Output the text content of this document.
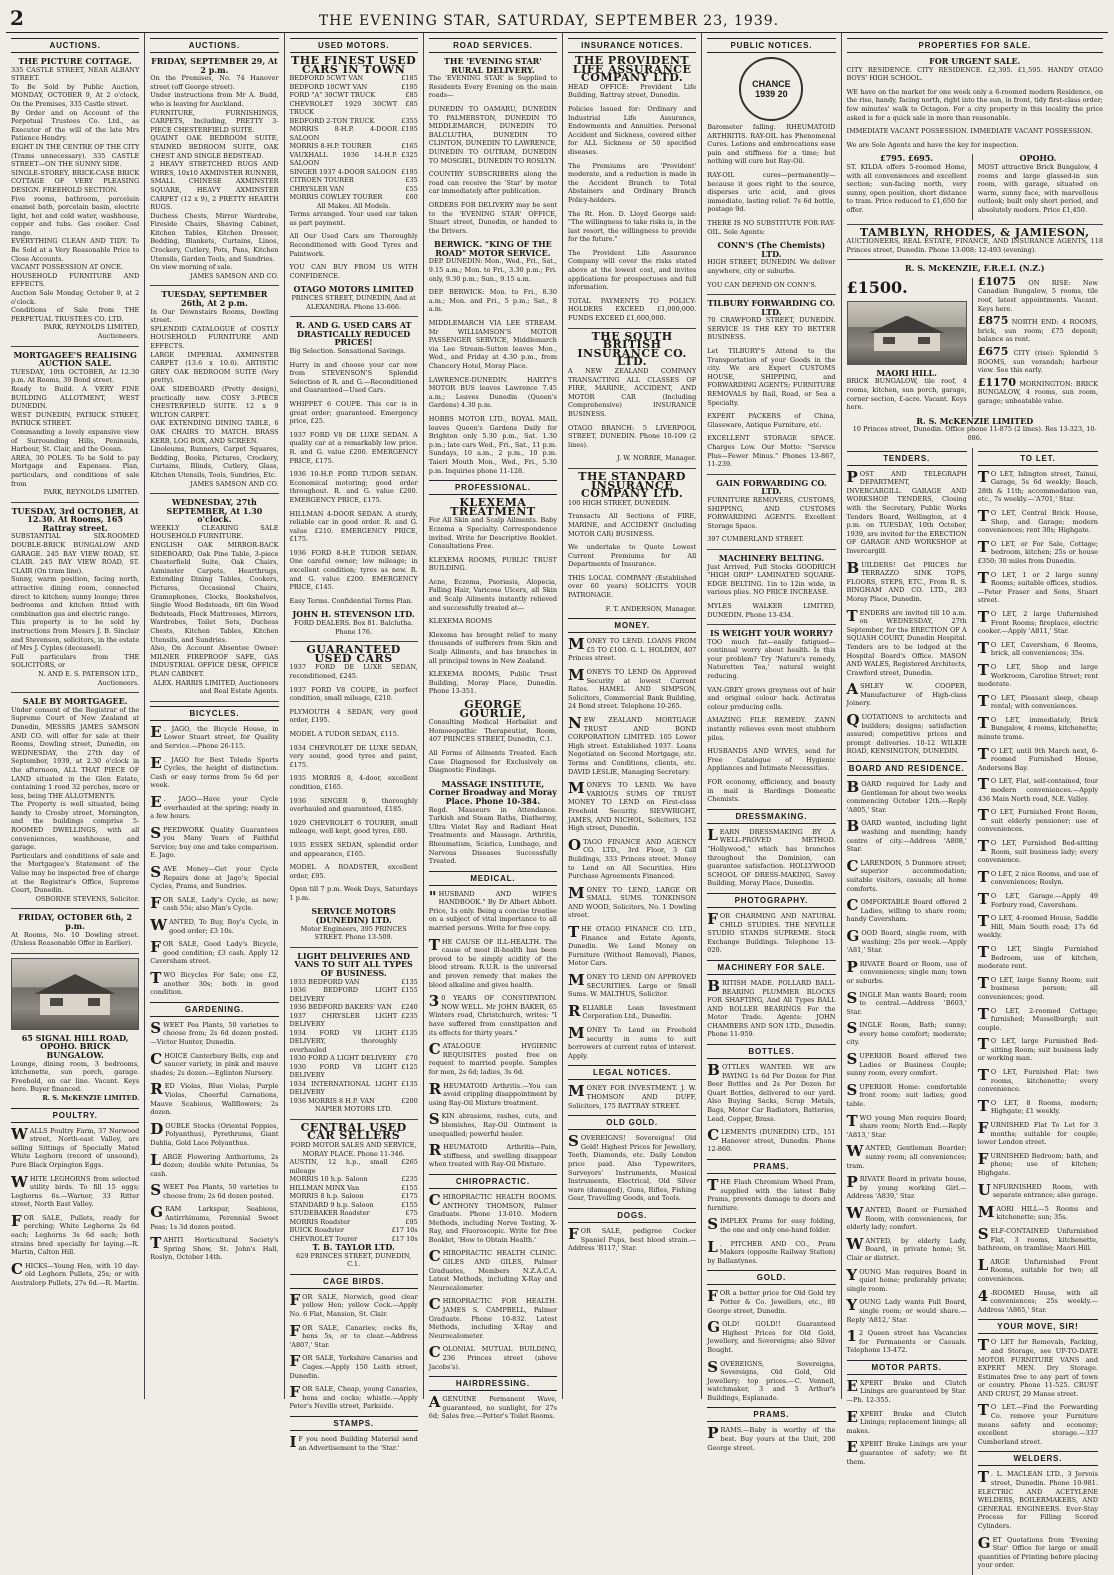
2	THE EVENING STAR, SATURDAY, SEPTEMBER 23, 1939.
AUCTIONS.
THE PICTURE COTTAGE.
335 CASTLE STREET, NEAR ALBANY STREET.
To Be Sold by Public Auction, MONDAY, OCTOBER 9, At 2 o'clock, On the Premises, 335 Castle street.
By Order and on Account of the Perpetual Trustees Co. Ltd., as Executor of the will of the late Mrs Patience Hendry.
EIGHT IN THE CENTRE OF THE CITY (Trams unnecessary). 335 CASTLE STREET—ON THE SUNNY SIDE.
SINGLE-STOREY, BRICK-CASE BRICK COTTAGE OF VERY PLEASING DESIGN. FREEHOLD SECTION.
Five rooms, bathroom, porcelain enamel bath, porcelain basin, electric light, hot and cold water, washhouse, copper and tubs. Gas cooker. Coal range.
EVERYTHING CLEAN AND TIDY. To Be Sold at a Very Reasonable Price to Close Accounts.
VACANT POSSESSION AT ONCE.
HOUSEHOLD FURNITURE AND EFFECTS.
Auction Sale Monday, October 9, at 2 o'clock.
Conditions of Sale from THE PERPETUAL TRUSTEES CO. LTD.
PARK, REYNOLDS LIMITED, Auctioneers.
MORTGAGEE'S REALISING AUCTION SALE.
TUESDAY, 10th OCTOBER, At 12.30 p.m. At Rooms, 39 Bond street.
Ready to Build. A VERY FINE BUILDING ALLOTMENT, WEST DUNEDIN.
WEST DUNEDIN, PATRICK STREET, PATRICK STREET.
Commanding a lovely expansive view of Surrounding Hills, Peninsula, Harbour, St. Clair, and the Ocean.
AREA, 30 POLES. To be Sold to pay Mortgage and Expenses. Plan, particulars, and conditions of sale from
PARK, REYNOLDS LIMITED.
TUESDAY, 3rd OCTOBER, At 12.30. At Rooms, 165 Rattray street.
SUBSTANTIAL SIX-ROOMED DOUBLE-BRICK BUNGALOW AND GARAGE. 245 BAY VIEW ROAD, ST. CLAIR. 245 BAY VIEW ROAD, ST. CLAIR (On tram line).
Sunny, warm position, facing north, attractive dining room, connected direct to kitchen; sunny lounge; three bedrooms and kitchen fitted with combination gas and electric range.
This property is to be sold by instructions from Messrs J. B. Sinclair and Stevenson, solicitors, in the estate of Mrs J. Cyples (deceased).
Full particulars from THE SOLICITORS, or
N. AND E. S. PATERSON LTD., Auctioneers.
SALE BY MORTGAGEE.
Under consent of the Registrar of the Supreme Court of New Zealand at Dunedin, MESSRS JAMES SAMSON AND CO. will offer for sale at their Rooms, Dowling street, Dunedin, on WEDNESDAY, the 27th day of September, 1939, at 2.30 o'clock in the afternoon, ALL THAT PIECE OF LAND situated in the Glen Estate, containing 1 rood 32 perches, more or less, being THE ALLOTMENTS.
The Property is well situated, being handy to Crosby street, Mornington, and the buildings comprise 5-ROOMED DWELLINGS, with all conveniences, washhouse, and garage.
Particulars and conditions of sale and the Mortgagee's Statement of the Value may be inspected free of charge at the Registrar's Office, Supreme Court, Dunedin.
OSBORNE STEVENS, Solicitor.
FRIDAY, OCTOBER 6th, 2 p.m.
At Rooms, No. 10 Dowling street. (Unless Reasonable Offer in Earlier).
65 SIGNAL HILL ROAD, OPOHO. BRICK BUNGALOW.
Lounge, dining room, 3 bedrooms, kitchenette, sun porch, garage. Freehold, on car line. Vacant. Keys here. Buyer financed.
R. S. McKENZIE LIMITED.
POULTRY.
WALLS Poultry Farm, 37 Norwood street, North-east Valley, are selling Sittings of Specially Mated White Leghorn (record of unsound), Pure Black Orpington Eggs.
WHITE LEGHORNS from selected utility birds. To fill 15 eggs; Leghorns 6s.—Warner, 33 Ritter street, North East Valley.
FOR SALE, Pullets, ready for perching; White Leghorns 2s 6d each; Leghorns 3s 6d each; both strains bred specially for laying.—R. Martin, Calton Hill.
CHICKS—Young Hen, with 10 day-old Leghorn Pullets, 25s; or with Australorp Pullets, 27s 6d.—R. Martin.
AUCTIONS.
FRIDAY, SEPTEMBER 29, At 2 p.m.
On the Premises, No. 74 Hanover street (off George street).
Under instructions from Mr A. Budd, who is leaving for Auckland.
FURNITURE, FURNISHINGS, CARPETS, Including, PRETTY 3-PIECE CHESTERFIELD SUITE.
QUAINT OAK BEDROOM SUITE, STAINED BEDROOM SUITE, OAK CHEST AND SINGLE BEDSTEAD.
2 HEAVY STRETCHED RUGS AND WIRES, 10x10 AXMINSTER RUNNER, SMALL CHINESE AXMINSTER SQUARE, HEAVY AXMINSTER CARPET (12 x 9), 2 PRETTY HEARTH RUGS.
Duchess Chests, Mirror Wardrobe, Fireside Chairs, Shaving Cabinet, Kitchen Tables, Kitchen Dresser, Bedding, Blankets, Curtains, Linos, Crockery, Cutlery, Pots, Pans, Kitchen Utensils, Garden Tools, and Sundries.
On view morning of sale.
JAMES SAMSON AND CO.
TUESDAY, SEPTEMBER 26th, At 2 p.m.
In Our Downstairs Rooms, Dowling street.
SPLENDID CATALOGUE of COSTLY HOUSEHOLD FURNITURE AND EFFECTS.
LARGE IMPERIAL AXMINSTER CARPET (13.6 x 10.6). ARTISTIC GREY OAK BEDROOM SUITE (Very pretty).
OAK SIDEBOARD (Pretty design), practically new. COSY 3-PIECE CHESTERFIELD SUITE. 12 x 9 WILTON CARPET.
OAK EXTENDING DINING TABLE, 6 OAK CHAIRS TO MATCH. BRASS KERB, LOG BOX, AND SCREEN.
Linoleums, Runners, Carpet Squares, Bedding, Books, Pictures, Crockery, Curtains, Blinds, Cutlery, Glass, Kitchen Utensils, Tools, Sundries, Etc.
JAMES SAMSON AND CO.
WEDNESDAY, 27th SEPTEMBER, At 1.30 o'clock.
WEEKLY CLEARING SALE HOUSEHOLD FURNITURE.
ENGLISH OAK MIRROR-BACK SIDEBOARD, Oak Pine Table, 3-piece Chesterfield Suite, Oak Chairs, Axminster Carpets, Hearthrugs, Extending Dining Tables, Cookers, Pictures, Occasional Chairs, Gramophones, Clocks, Bookshelves, Single Wood Bedsteads, 6ft 6in Wood Bedsteads, Flock Mattresses, Mirrors, Wardrobes, Toilet Sets, Duchess Chests, Kitchen Tables, Kitchen Utensils, and Sundries.
Also, On Account Absentee Owner: MILNER FIREPROOF SAFE, GAS INDUSTRIAL OFFICE DESK, OFFICE PLAN CABINET.
ALEX. HARRIS LIMITED, Auctioneers and Real Estate Agents.
BICYCLES.
E . JAGO, the Bicycle House, in Lower Stuart street, for Quality and Service.—Phone 26-115.
E . JAGO for Best Toledo Sports Cycles, the height of distinction. Cash or easy terms from 5s 6d per week.
E . JAGO—Have your Cycle overhauled at the spring; ready in a few hours.
SPEEDWORK Quality Guarantees you Many Years of Faithful Service; buy one and take comparison. E. Jago.
SAVE Money—Get your Cycle Repairs done at Jago's; Special Cycles, Prams, and Sundries.
FOR SALE, Lady's Cycle, as new; cash 55s; also Man's Cycle.
WANTED, To Buy, Boy's Cycle, in good order; £3 10s.
FOR SALE, Good Lady's Bicycle, good condition; £3 cash. Apply 12 Caversham street.
TWO Bicycles For Sale; one £2, another 30s; both in good condition.
GARDENING.
SWEET Pea Plants, 50 varieties to choose from; 2s 6d dozen posted.—Victor Hunter, Dunedin.
CHOICE Canterbury Bells, cup and saucer variety, in pink and mauve shades; 2s dozen.—Eglinton Nursery.
RED Violas, Blue Violas, Purple Violas, Cheerful Carnations, Mauve Scabious, Wallflowers; 2s dozen.
DOUBLE Stocks (Oriental Poppies, Polyanthus), Pyrethrums, Giant Dahlia, Gold Lace Polyanthus.
LARGE Flowering Anthuriums, 2s dozen; double white Petunias, 5s cash.
SWEET Pea Plants, 50 varieties to choose from; 2s 6d dozen posted.
GRAM Larkspur, Seabious, Antirrhinums, Perennial Sweet Peas; 1s 3d dozen posted.
TAHITI Horticultural Society's Spring Show, St. John's Hall, Roslyn, October 14th.
USED MOTORS.
THE FINEST USED CARS IN TOWN
BEDFORD 5CWT VAN	£185
BEDFORD 10CWT VAN	£195
FORD "A" 30CWT TRUCK	£85
CHEVROLET 1929 30CWT TRUCK	£85
BEDFORD 2-TON TRUCK	£355
MORRIS 8-H.P. 4-DOOR SALOON	£195
MORRIS 8-H.P. TOURER	£165
VAUXHALL 1936 14-H.P. SALOON	£325
SINGER 1937 4-DOOR SALOON	£195
CITROEN TOURER	£35
CHRYSLER VAN	£55
MORRIS COWLEY TOURER	£60
All Makes. All Models.
Terms arranged. Your used car taken as part payment.
All Our Used Cars are Thoroughly Reconditioned with Good Tyres and Paintwork.
YOU CAN BUY FROM US WITH CONFIDENCE.
OTAGO MOTORS LIMITED
PRINCES STREET, DUNEDIN, And at ALEXANDRA. Phone 13-666.
R. AND G. USED CARS AT DRASTICALLY REDUCED PRICES!
Big Selection. Sensational Savings.
Hurry in and choose your car now from STEVENSON'S Splendid Selection of R. and G.—Reconditioned and Guaranteed—Used Cars.
WHIPPET 6 COUPE. This car is in great order; guaranteed. Emergency price, £25.
1937 FORD V8 DE LUXE SEDAN. A quality car at a remarkably low price. R. and G. value £200. EMERGENCY PRICE, £175.
1936 10-H.P. FORD TUDOR SEDAN. Economical motoring; good order throughout. R. and G. value £200. EMERGENCY PRICE, £175.
HILLMAN 4-DOOR SEDAN. A sturdy, reliable car in good order. R. and G. value £210. EMERGENCY PRICE, £175.
1936 FORD 8-H.P. TUDOR SEDAN. One careful owner; low mileage; in excellent condition; tyres as new. R. and G. value £200. EMERGENCY PRICE, £145.
Easy Terms. Confidential Terms Plan.
JOHN H. STEVENSON LTD.
FORD DEALERS. Box 81. Balclutha. Phone 176.
GUARANTEED USED CARS
1937 FORD DE LUXE SEDAN, reconditioned, £245.
1937 FORD V8 COUPE, in perfect condition, small mileage, £210.
PLYMOUTH 4 SEDAN, very good order, £195.
MODEL A TUDOR SEDAN, £115.
1934 CHEVROLET DE LUXE SEDAN, very sound, good tyres and paint, £175.
1935 MORRIS 8, 4-door, excellent condition, £165.
1936 SINGER 9, thoroughly overhauled and guaranteed, £185.
1929 CHEVROLET 6 TOURER, small mileage, well kept, good tyres, £80.
1935 ESSEX SEDAN, splendid order and appearance, £165.
MODEL A ROADSTER, excellent order, £95.
Open till 7 p.m. Week Days, Saturdays 1 p.m.
SERVICE MOTORS (DUNEDIN) LTD.
Motor Engineers, 395 PRINCES STREET. Phone 13-509.
LIGHT DELIVERIES AND VANS TO SUIT ALL TYPES OF BUSINESS.
1933 BEDFORD VAN	£135
1936 BEDFORD LIGHT DELIVERY	£155
1936 BEDFORD BAKERS' VAN	£240
1937 CHRYSLER LIGHT DELIVERY	£235
1934 FORD V8 LIGHT DELIVERY, thoroughly overhauled	£135
1930 FORD A LIGHT DELIVERY	£70
1930 FORD V8 LIGHT DELIVERY	£125
1934 INTERNATIONAL LIGHT DELIVERY	£135
1936 MORRIS 8 H.P. VAN	£200
NAPIER MOTORS LTD.
CENTRAL USED CAR SELLERS
FORD MOTOR SALES AND SERVICE, MORAY PLACE. Phone 11-346.
AUSTIN, 12 h.p., small mileage	£265
MORRIS 10 h.p. Saloon	£235
HILLMAN MINX Van	£155
MORRIS 8 h.p. Saloon	£175
STANDARD 9 h.p. Saloon	£155
STUDEBAKER Roadster	£75
MORRIS Roadster	£95
BUICK Roadster	£17 10s
CHEVROLET Tourer	£17 10s
T. B. TAYLOR LTD.
629 PRINCES STREET, DUNEDIN, C.1.
CAGE BIRDS.
FOR SALE, Norwich, good clear yellow Hen; yellow Cock.—Apply No. 6 Flat, Mansion, St. Clair.
FOR SALE, Canaries; cocks 8s, hens 5s, or to clear.—Address 'A807,' Star.
FOR SALE, Yorkshire Canaries and Cages.—Apply 150 Leith street, Dunedin.
FOR SALE, Cheap, young Canaries, hens and cocks; whistle.—Apply Peter's Neville street, Parkside.
STAMPS.
I F you need Building Material send an Advertisement to the 'Star.'
ROAD SERVICES.
THE 'EVENING STAR' RURAL DELIVERY.
The 'EVENING STAR' is Supplied to Residents Every Evening on the main roads—
DUNEDIN TO OAMARU, DUNEDIN TO PALMERSTON, DUNEDIN TO MIDDLEMARCH, DUNEDIN TO BALCLUTHA, DUNEDIN TO CLINTON, DUNEDIN TO LAWRENCE, DUNEDIN TO OUTRAM, DUNEDIN TO MOSGIEL, DUNEDIN TO ROSLYN.
COUNTRY SUBSCRIBERS along the road can receive the 'Star' by motor car immediately after publication.
ORDERS FOR DELIVERY may be sent to the 'EVENING STAR' OFFICE, Stuart street, Dunedin, or handed to the Drivers.
BERWICK. "KING OF THE ROAD" MOTOR SERVICE.
DEP. DUNEDIN: Mon., Wed., Fri., Sat., 9.15 a.m.; Mon. to Fri., 3.30 p.m.; Fri. only, 9.30 p.m.; Sun., 9.15 a.m.
DEP. BERWICK: Mon. to Fri., 8.30 a.m.; Mon. and Fri., 5 p.m.; Sat., 8 a.m.
MIDDLEMARCH VIA LEE STREAM. Mr WILLIAMSON'S MOTOR PASSENGER SERVICE, Middlemarch via Lee Stream-Sutton leaves Mon., Wed., and Friday at 4.30 p.m., from Chancery Hotel, Moray Place.
LAWRENCE-DUNEDIN. HARTY'S MOTOR BUS leaves Lawrence 7.45 a.m.; Leaves Dunedin (Queen's Gardens) 4.30 p.m.
HOBBS MOTOR LTD., ROYAL MAIL leaves Queen's Gardens Daily for Brighton only 5.30 p.m., Sat. 1.30 p.m.; late cars Wed., Fri., Sat., 11 p.m. Sundays, 10 a.m., 2 p.m., 10 p.m. Taieri Mouth Mon., Wed., Fri., 5.30 p.m. Inquiries phone 11-128.
PROFESSIONAL.
KLEXEMA TREATMENT
For All Skin and Scalp Ailments. Baby Eczema a Specialty. Correspondence invited. Write for Descriptive Booklet. Consultations Free.
KLEXEMA ROOMS, PUBLIC TRUST BUILDING.
Acne, Eczema, Psoriasis, Alopecia, Falling Hair, Varicose Ulcers, all Skin and Scalp Ailments instantly relieved and successfully treated at—
KLEXEMA ROOMS
Klexema has brought relief to many thousands of sufferers from Skin and Scalp Ailments, and has branches in all principal towns in New Zealand.
KLEXEMA ROOMS, Public Trust Building, Moray Place, Dunedin. Phone 13-351.
GEORGE GOURLIE,
Consulting Medical Herbalist and Homoeopathic Therapeutist, Room, 407 PRINCES STREET, Dunedin, C.1.
All Forms of Ailments Treated. Each Case Diagnosed for Exclusively on Diagnostic Findings.
MASSAGE INSTITUTE, Corner Broadway and Moray Place. Phone 10-384.
Regd. Masseurs in Attendance. Turkish and Steam Baths, Diathermy, Ultra Violet Ray and Radiant Heat Treatments and Massage. Arthritis, Rheumatism, Sciatica, Lumbago, and Nervous Diseases Successfully Treated.
MEDICAL.
" HUSBAND AND WIFE'S HANDBOOK." By Dr Albert Abbott. Price, 1s only. Being a concise treatise on a subject of vital importance to all married persons. Write for free copy.
THE CAUSE OF ILL-HEALTH. The cause of most ill-health has been proved to be simply acidity of the blood stream. R.U.R. is the universal and proven remedy that makes the blood alkaline and gives health.
3 0 YEARS OF CONSTIPATION. NOW WELL. Mr JOHN BAKER, 65 Winters road, Christchurch, writes: "I have suffered from constipation and its effects for thirty years."
CATALOGUE HYGIENIC REQUISITES posted free on request to married people. Samples for men, 2s 6d; ladies, 3s 6d.
RHEUMATOID Arthritis.—You can avoid crippling disappointment by using Ray-Oil Mixture treatment.
SKIN abrasions, rashes, cuts, and blemishes, Ray-Oil Ointment is unequalled; powerful healer.
RHEUMATOID Arthritis—Pain, stiffness, and swelling disappear when treated with Ray-Oil Mixture.
CHIROPRACTIC.
CHIROPRACTIC HEALTH ROOMS. ANTHONY THOMSON, Palmer Graduate. Phone 13-010. Modern Methods, including Nerve Testing, X-Ray, and Fluoroscopic. Write for free Booklet, 'How to Obtain Health.'
CHIROPRACTIC HEALTH CLINIC. GILES AND GILES, Palmer Graduates, Members N.Z.A.C.A. Latest Methods, including X-Ray and Neurocalometer.
CHIROPRACTIC FOR HEALTH. JAMES S. CAMPBELL, Palmer Graduate. Phone 10-832. Latest Methods, including X-Ray and Neurocalometer.
COLONIAL MUTUAL BUILDING, 236 Princes street (above Jacobs's).
HAIRDRESSING.
A GENUINE Permanent Wave, guaranteed, no sunlight, for 27s 6d; Sales free.—Potter's Toilet Rooms.
INSURANCE NOTICES.
THE PROVIDENT LIFE ASSURANCE COMPANY LTD.
HEAD OFFICE: Provident Life Building, Rattray street, Dunedin.
Policies Issued for: Ordinary and Industrial Life Assurance, Endowments and Annuities. Personal Accident and Sickness, covered either for ALL Sickness or 50 specified diseases.
The Premiums are 'Provident' moderate, and a reduction is made in the Accident Branch to Total Abstainers and Ordinary Branch Policy-holders.
The Rt. Hon. D. Lloyd George said: "The willingness to take risks is, in the last resort, the willingness to provide for the future."
The Provident Life Assurance Company will cover the risks stated above at the lowest cost, and invites applications for prospectuses and full information.
TOTAL PAYMENTS TO POLICY-HOLDERS EXCEED £1,000,000. FUNDS EXCEED £1,600,000.
THE SOUTH BRITISH INSURANCE CO. LTD.
A NEW ZEALAND COMPANY TRANSACTING ALL CLASSES OF FIRE, MARINE, ACCIDENT, AND MOTOR CAR (Including Comprehensive) INSURANCE BUSINESS.
OTAGO BRANCH: 5 LIVERPOOL STREET, DUNEDIN. Phone 10-109 (2 lines).
J. W. NORRIE, Manager.
THE STANDARD INSURANCE COMPANY LTD.
100 HIGH STREET, DUNEDIN.
Transacts All Sections of FIRE, MARINE, and ACCIDENT (including MOTOR CAR) BUSINESS.
We undertake to Quote Lowest Current Premiums for All Departments of Insurance.
THIS LOCAL COMPANY (Established over 60 years) SOLICITS YOUR PATRONAGE.
F. T. ANDERSON, Manager.
MONEY.
MONEY TO LEND. LOANS FROM £5 TO £100. G. L. HOLDEN, 407 Princes street.
MONEYS TO LEND On Approved Security at lowest Current Rates. HAMEL AND SIMPSON, Solicitors, Commercial Bank Building, 24 Bond street. Telephone 10-265.
NEW ZEALAND MORTGAGE TRUST AND BOND CORPORATION LIMITED. 105 Lower High street. Established 1937. Loans Negotiated on Second Mortgage, etc. Terms and Conditions, clients, etc. DAVID LESLIE, Managing Secretary.
MONEYS TO LEND. We have VARIOUS SUMS OF TRUST MONEY TO LEND on First-class Freehold Security. SIEVWRIGHT, JAMES, AND NICHOL, Solicitors, 152 High street, Dunedin.
OTAGO FINANCE AND AGENCY CO. LTD., 3rd Floor, 3 Gill Buildings, 333 Princes street. Money to Lend on All Securities. Hire Purchase Agreements Financed.
MONEY TO LEND, LARGE OR SMALL SUMS. TONKINSON AND WOOD, Solicitors, No. 1 Dowling street.
THE OTAGO FINANCE CO. LTD., Finance and Estate Agents, Dunedin. We Lend Money on Furniture (Without Removal), Pianos, Motor Cars.
MONEY TO LEND ON APPROVED SECURITIES. Large or Small Sums. W. MALTHUS, Solicitor.
RELIABLE Loan Investment Corporation Ltd., Dunedin.
MONEY To Lend on Freehold security in sums to suit borrowers at current rates of interest. Apply.
LEGAL NOTICES.
MONEY FOR INVESTMENT. J. W. THOMSON AND DUFF, Solicitors, 175 RATTRAY STREET.
OLD GOLD.
SOVEREIGNS! Sovereigns! Old Gold! Highest Prices for Jewellery, Teeth, Diamonds, etc. Daily London price paid. Also Typewriters, Surveyors' Instruments, Musical Instruments, Electrical, Old Silver ware (damaged), Guns, Rifles, Fishing Gear, Travelling Goods, and Tools.
DOGS.
FOR SALE, pedigree Cocker Spaniel Pups, best blood strain.—Address 'B117,' Star.
PUBLIC NOTICES.
CHANCE 1939 20
Barometer falling. RHEUMATOID ARTHRITIS. RAY-OIL has Phenomenal Cures. Lotions and embrocations ease pain and stiffness for a time; but nothing will cure but Ray-Oil.
RAY-OIL cures—permanently—because it goes right to the source, disperses uric acid, and gives immediate, lasting relief. 7s 6d bottle, postage 9d.
THERE IS NO SUBSTITUTE FOR RAY-OIL. Sole Agents:
CONN'S (The Chemists) LTD.
HIGH STREET, DUNEDIN. We deliver anywhere, city or suburbs.
YOU CAN DEPEND ON CONN'S.
TILBURY FORWARDING CO. LTD.
70 CRAWFORD STREET, DUNEDIN. SERVICE IS THE KEY TO BETTER BUSINESS.
Let TILBURY'S Attend to the Transportation of your Goods in the city. We are Expert CUSTOMS HOUSE, SHIPPING, and FORWARDING AGENTS; FURNITURE REMOVALS by Rail, Road, or Sea a Specialty.
EXPERT PACKERS of China, Glassware, Antique Furniture, etc.
EXCELLENT STORAGE SPACE. Charges Low. Our Motto: "Service Plus—Fewer Minus." Phones 13-867, 11-239.
GAIN FORWARDING CO. LTD.
FURNITURE REMOVERS, CUSTOMS, SHIPPING, AND CUSTOMS FORWARDING AGENTS. Excellent Storage Space.
397 CUMBERLAND STREET.
MACHINERY BELTING.
Just Arrived, Full Stocks GOODRICH "HIGH GRIP" LAMINATED SQUARE-EDGE BELTING. 1in to 12in wide, in various plies. NO PRICE INCREASE.
MYLES WALKER LIMITED, DUNEDIN. Phone 13-434.
IS WEIGHT YOUR WORRY?
TOO much fat—easily fatigued—continual worry about health. Is this your problem? Try 'Nature's remedy, Naturetten Tea,' natural weight reducing.
VAN-GREY grows greyness out of hair and original colour back. Activates colour producing cells.
AMAZING FILE REMEDY. ZANN instantly relieves even most stubborn piles.
HUSBANDS AND WIVES, send for Free Catalogue of Hygienic Appliances and Intimate Necessities.
FOR economy, efficiency, and beauty in mail is Hardings Domestic Chemists.
DRESSMAKING.
LEARN DRESSMAKING BY A WELL-PROVED METHOD. "Hollywood," which has branches throughout the Dominion, can guarantee satisfaction. HOLLYWOOD SCHOOL OF DRESS-MAKING, Savoy Building, Moray Place, Dunedin.
PHOTOGRAPHY.
FOR CHARMING AND NATURAL CHILD STUDIES. THE NEVILLE STUDIO STANDS SUPREME. Stock Exchange Buildings. Telephone 13-020.
MACHINERY FOR SALE.
BRITISH MADE. POLLARD BALL-BEARING PLUMMER BLOCKS FOR SHAFTING, And All Types BALL AND ROLLER BEARINGS For the Motor Trade. Agents: JOHN CHAMBERS AND SON LTD., Dunedin. Phone 11-959.
BOTTLES.
BOTTLES WANTED. WE are PAYING 1s 6d Per Dozen for Pint Beer Bottles and 2s Per Dozen for Quart Bottles, delivered to our yard. Also Buying Sacks, Scrap Metals, Bags, Motor Car Radiators, Batteries, Lead, Copper, Brass.
CLEMENTS (DUNEDIN) LTD., 151 Hanover street, Dunedin. Phone 12-860.
PRAMS.
THE Flash Chromium Wheel Pram, supplied with the latest Baby Prams, prevents damage to doors and furniture.
SIMPLEX Prams for easy folding, the one and only one-hand folder.
L . PITCHER AND CO., Pram Makers (opposite Railway Station) by Ballantynes.
GOLD.
FOR a better price for Old Gold try Potter & Co. Jewellers, etc., 80 George street, Dunedin.
GOLD! GOLD!! Guaranteed Highest Prices for Old Gold, Jewellery, and Sovereigns; also Silver Bought.
SOVEREIGNS, Sovereigns, Sovereigns, Old Gold, Old Jewellery; top prices.—C. Vennell, watchmaker, 3 and 5 Arthur's Buildings, Esplanade.
PRAMS.
PRAMS.—Baby is worthy of the best. Buy yours at the Unit, 200 George street.
PROPERTIES FOR SALE.
FOR URGENT SALE.
CITY RESIDENCE. CITY RESIDENCE. £2,395. £1,595. HANDY OTAGO BOYS' HIGH SCHOOL.
WE have on the market for one week only a 6-roomed modern Residence, on the rise, handy, facing north, right into the sun, in front, tidy first-class order; few minutes' walk to Octagon. For a city property in this locality the price asked is for a quick sale in more than reasonable.
IMMEDIATE VACANT POSSESSION. IMMEDIATE VACANT POSSESSION.
We are Sole Agents and have the key for inspection.
£795. £695.
ST. KILDA offers 5-roomed Home, with all conveniences and excellent section; sun-facing north, very sunny, open position, short distance to tram. Price reduced to £1,650 for offer.
OPOHO.
MOST attractive Brick Bungalow, 4 rooms and large glassed-in sun room, with garage, situated on warm, sunny face, with marvellous outlook; built only short period, and absolutely modern. Price £1,450.
TAMBLYN, RHODES, & JAMIESON,
AUCTIONEERS, REAL ESTATE, FINANCE, AND INSURANCE AGENTS, 118 Princes street, Dunedin. Phone 13-008; 12-493 (evening).
R. S. McKENZIE, F.R.E.I. (N.Z.)
£1500.
MAORI HILL.
BRICK BUNGALOW, tile roof, 4 rooms, kitchen, sun porch, garage, corner section, £-acre. Vacant. Keys here.
£1075 ON RISE: New Canadian Bungalow, 5 rooms, tile roof, latest appointments. Vacant. Keys here.
£875 NORTH END: 4 ROOMS, brick, sun room; £75 deposit; balance as rent.
£675 CITY (rise): Splendid 5 ROOMS, sun verandah; harbour view. See this early.
£1170 MORNINGTON: BRICK BUNGALOW, 4 rooms, sun room, garage; unbeatable value.
R. S. McKENZIE LIMITED
10 Princes street, Dunedin. Office phone 11-875 (2 lines). Res 13-323, 10-086.
TENDERS.
POST AND TELEGRAPH DEPARTMENT, INVERCARGILL. GARAGE AND WORKSHOP. TENDERS, Closing with the Secretary, Public Works Tenders Board, Wellington, at 4 p.m. on TUESDAY, 10th October, 1939, are invited for the ERECTION OF GARAGE AND WORKSHOP at Invercargill.
BUILDERS! Get PRICES for TERRAZZO SINK TOPS, FLOORS, STEPS, ETC., From R. S. BINGHAM AND CO. LTD., 283 Moray Place, Dunedin.
TENDERS are invited till 10 a.m. on WEDNESDAY, 27th September, for the ERECTION OF A SQUASH COURT, Dunedin Hospital. Tenders are to be lodged at the Hospital Board's Office. MASON AND WALES, Registered Architects, Crawford street, Dunedin.
ASHLEY W. COOPER, Manufacturer of High-class Joinery.
QUOTATIONS to architects and builders; designs; satisfaction assured; competitive prices and prompt deliveries. 10-12 WILKIE ROAD, KENSINGTON, DUNEDIN.
BOARD AND RESIDENCE.
BOARD required for Lady and Gentleman for about two weeks commencing October 12th.—Reply 'A805,' Star.
BOARD wanted, including light washing and mending; handy centre of city.—Address 'A808,' Star.
CLARENDON, 5 Dunmore street; superior accommodation; suitable visitors, casuals; all home comforts.
COMFORTABLE Board offered 2 Ladies, willing to share room; handy Caversham.
GOOD Board, single room, with washing; 25s per week.—Apply 'A81,' Star.
PRIVATE Board or Room, use of conveniences; single man; town or suburbs.
SINGLE Man wants Board; room to central.—Address 'B603,' Star.
SINGLE Room, Bath; sunny; every home comfort; moderate; city.
SUPERIOR Board offered two Ladies or Business Couple; sunny room, every comfort.
SUPERIOR Home: comfortable front room; suit ladies; good table.
TWO young Men require Board; share room; North End.—Reply 'A813,' Star.
WANTED, Gentleman Boarder; sunny room; all conveniences; tram.
PRIVATE Board in private house, by young working Girl.—Address 'A839,' Star.
WANTED, Board or Furnished Room, with conveniences, for elderly lady; comfort.
WANTED, by elderly Lady, Board, in private home; St. Clair or district.
YOUNG Man requires Board in quiet home; preferably private; single room.
YOUNG Lady wants Full Board, single room; or would share.—Reply 'A812,' Star.
1 2 Queen street has Vacancies for Permanents or Casuals. Telephone 13-472.
MOTOR PARTS.
EXPERT Brake and Clutch Linings are guaranteed by Star.—Ph. 12-355.
EXPERT Brake and Clutch Linings; replacement linings; all makes.
EXPERT Brake Linings are your guarantee of safety; we fit them.
TO LET.
T O LET, Islington street, Tainui, Garage, 5s 6d weekly; Beach, 28th & 11th; accommodation van, etc., 7s weekly.—'A701,' Star.
T O LET, Central Brick House, Shop, and Garage; modern conveniences; rent 30s; Highgate.
T O LET, or For Sale, Cottage; bedroom, kitchen; 25s or house £350; 30 miles from Dunedin.
T O LET, 1 or 2 large sunny Rooms; suitable offices, studios.—Peter Fraser and Sons, Stuart street.
T O LET, 2 large Unfurnished Front Rooms; fireplace, electric cooker.—Apply 'A811,' Star.
T O LET, Caversham, 6 Rooms, brick, all conveniences; 35s.
T O LET, Shop and large Workroom, Caroline Street; rent moderate.
T O LET, Pleasant sleep, cheap rental; with conveniences.
T O LET, immediately, Brick Bungalow, 4 rooms, kitchenette; minute trams.
T O LET, until 9th March next, 6-roomed Furnished House, Andersons Bay.
T O LET, Flat, self-contained, four modern conveniences.—Apply 436 Main North road, N.E. Valley.
T O LET, Furnished Front Room, suit elderly pensioner; use of conveniences.
T O LET, Furnished Bed-sitting Room, suit business lady; every convenience.
T O LET, 2 nice Rooms, and use of conveniences; Roslyn.
T O LET, Garage.—Apply 49 Forbury road, Caversham.
T O LET, 4-roomed House, Saddle Hill, Main South road; 17s 6d weekly.
T O LET, Single Furnished Bedroom, use of kitchen, moderate rent.
T O LET, large Sunny Room; suit business person; all conveniences; good.
T O LET, 2-roomed Cottage; furnished; Musselburgh; suit couple.
T O LET, large Furnished Bed-sitting Room; suit business lady or working man.
T O LET, Furnished Flat; two rooms, kitchenette; every convenience.
T O LET, 8 Rooms, modern; Highgate; £1 weekly.
FURNISHED Flat To Let for 3 months; suitable for couple; lower London street.
FURNISHED Bedroom; bath, and phone; use of kitchen; Highgate.
UNFURNISHED Room, with separate entrance; also garage.
MAORI HILL—5 Rooms and kitchenette; sun; 35s.
SELF-CONTAINED Unfurnished Flat, 3 rooms, kitchenette, bathroom, on tramline; Maori Hill.
LARGE Unfurnished Front Rooms, suitable for two; all conveniences.
4 -ROOMED House, with all conveniences; 25s weekly.—Address 'A865,' Star.
YOUR MOVE, SIR!
T O LET for Removals, Packing, and Storage, see UP-TO-DATE MOTOR FURNITURE VANS and EXPERT MEN. Dry Storage. Estimates free to any part of town or country. Phone 11-525. CRUST AND CRUST, 29 Manse street.
T O LET.—Find the Forwarding Co. remove your Furniture means safety and economy; excellent storage.—337 Cumberland street.
WELDERS.
T . L. MACLEAN LTD., 3 Jervois street, Dunedin. Phone 10-981. ELECTRIC AND ACETYLENE WELDERS, BOILERMAKERS, AND GENERAL ENGINEERS. Ever-Stay Process for Filling Scored Cylinders.
GET Quotations from 'Evening Star' Office for large or small quantities of Printing before placing your order.
